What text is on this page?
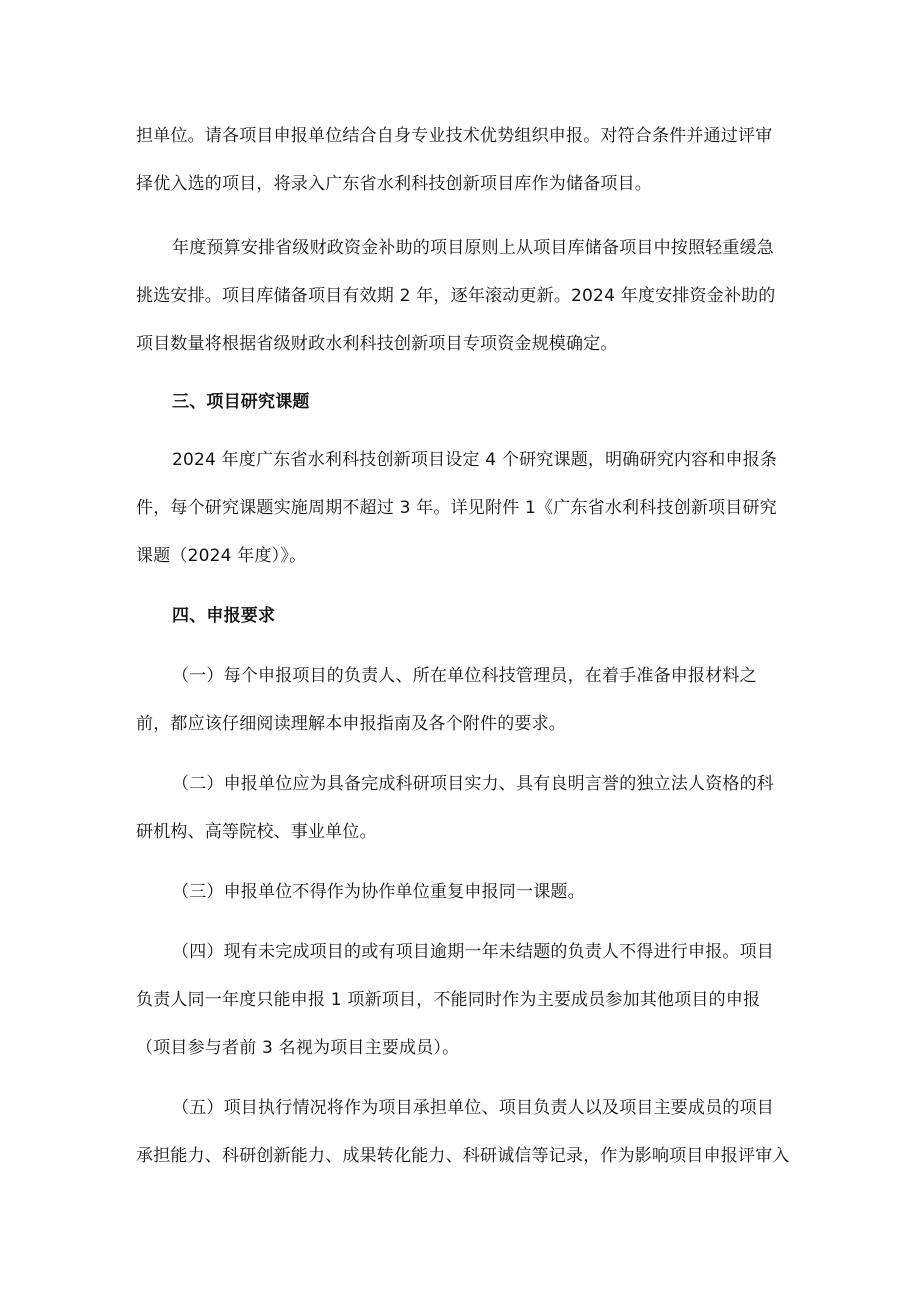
担单位。请各项目申报单位结合自身专业技术优势组织申报。对符合条件并通过评审
择优入选的项目，将录入广东省水利科技创新项目库作为储备项目。
年度预算安排省级财政资金补助的项目原则上从项目库储备项目中按照轻重缓急
挑选安排。项目库储备项目有效期 2 年，逐年滚动更新。2024 年度安排资金补助的
项目数量将根据省级财政水利科技创新项目专项资金规模确定。
三、项目研究课题
2024 年度广东省水利科技创新项目设定 4 个研究课题，明确研究内容和申报条
件，每个研究课题实施周期不超过 3 年。详见附件 1《广东省水利科技创新项目研究
课题（2024 年度）》。
四、申报要求
（一）每个申报项目的负责人、所在单位科技管理员，在着手准备申报材料之
前，都应该仔细阅读理解本申报指南及各个附件的要求。
（二）申报单位应为具备完成科研项目实力、具有良明言誉的独立法人资格的科
研机构、高等院校、事业单位。
（三）申报单位不得作为协作单位重复申报同一课题。
（四）现有未完成项目的或有项目逾期一年未结题的负责人不得进行申报。项目
负责人同一年度只能申报 1 项新项目，不能同时作为主要成员参加其他项目的申报
（项目参与者前 3 名视为项目主要成员）。
（五）项目执行情况将作为项目承担单位、项目负责人以及项目主要成员的项目
承担能力、科研创新能力、成果转化能力、科研诚信等记录，作为影响项目申报评审入
